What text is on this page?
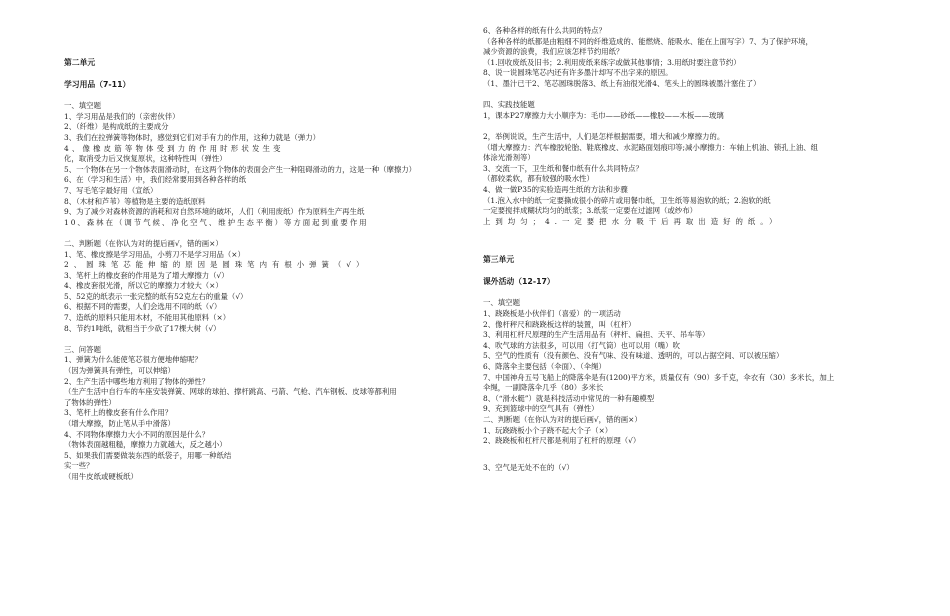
第二单元
学习用品（7-11）
一、填空题
1、学习用品是我们的（亲密伙伴）
2、（纤维）是构成纸的主要成分
3、我们在拉弹簧等物体时，感觉到它们对手有力的作用，这种力就是（弹力）
4、像橡皮筋等物体受到力的作用时形状发生变
化，取消受力后又恢复原状，这种特性叫（弹性）
5、一个物体在另一个物体表面滑动时，在这两个物体的表面会产生一种阻碍滑动的力，这是一种（摩擦力）
6、在（学习和生活）中，我们经常要用到各种各样的纸
7、写毛笔字最好用（宣纸）
8、（木材和芦苇）等植物是主要的造纸原料
9、为了减少对森林资源的消耗和对自然环境的破坏，人们（利用废纸）作为原料生产再生纸
10、森林在（调节气候、净化空气、维护生态平衡）等方面起到重要作用
二、判断题（在你认为对的提后画√，错的画×）
1、笔、橡皮擦是学习用品，小剪刀不是学习用品（×）
2、圆珠笔芯能伸缩的原因是圆珠笔内有根小弹簧（√）
3、笔杆上的橡皮套的作用是为了增大摩擦力（√）
4、橡皮套很光滑，所以它的摩擦力才较大（×）
5、52克的纸表示一张完整的纸有52克左右的重量（√）
6、根据不同的需要，人们会选用不同的纸（√）
7、造纸的原料只能用木材，不能用其他原料（×）
8、节约1吨纸，就相当于少砍了17棵大树（√）
三、问答题
1、弹簧为什么能使笔芯很方便地伸缩呢？
（因为弹簧具有弹性，可以伸缩）
2、生产生活中哪些地方利用了物体的弹性？
（生产生活中自行车的车座安装弹簧、网球的球拍、撑杆跳高、弓箭、气枪、汽车钢板、皮球等都利用
了物体的弹性）
3、笔杆上的橡皮套有什么作用？
（增大摩擦，防止笔从手中滑落）
4、不同物体摩擦力大小不同的原因是什么？
（物体表面越粗糙，摩擦力力就越大，反之越小）
5、如果我们需要做装东西的纸袋子，用哪一种纸结
实一些？
（用牛皮纸或硬板纸）
6、各种各样的纸有什么共同的特点？
（各种各样的纸都是由粗细不同的纤维造成的、能燃烧、能吸水、能在上面写字）7、为了保护环境，
减少资源的浪费，我们应该怎样节约用纸？
（1.回收废纸及旧书；2.利用废纸来练字或做其他事情；3.用纸时要注意节约）
8、说一说圆珠笔芯内还有许多墨汁却写不出字来的原因。
（1、墨汁已干2、笔芯圆珠脱落3、纸上有油很光滑4、笔头上的圆珠被墨汁塞住了）
四、实践技能题
1，课本P27摩擦力大小顺序为：毛巾——砂纸——橡胶——木板——玻璃
2，举例说说，生产生活中，人们是怎样根据需要，增大和减少摩擦力的。
（增大摩擦力：汽车橡胶轮胎、鞋底橡皮、水泥路面划痕印等;减小摩擦力：车轴上机油、锁孔上油、组
体涂光滑剂等）
3、交流一下，卫生纸和餐巾纸有什么共同特点？
（都较柔软，都有较强的吸水性）
4、做一做P35的实验造再生纸的方法和步骤
（1.泡入水中的纸一定要撕成很小的碎片或用餐巾纸，卫生纸等易泡软的纸；2.泡软的纸
一定要搅拌成糊状均匀的纸浆；3.纸浆一定要在过滤网（或纱布）
上到均匀；4.一定要把水分吸干后再取出造好的纸。）
第三单元
课外活动（12-17）
一、填空题
1、跷跷板是小伙伴们（喜爱）的一项活动
2、像杆秤尺和跷跷板这样的装置，叫（杠杆）
3、利用杠杆尺原理的生产生活用品有（秤杆、扁担、天平、吊车等）
4、吹气球的方法很多，可以用（打气筒）也可以用（嘴）吹
5、空气的性质有（没有颜色、没有气味、没有味道、透明的，可以占据空间、可以被压缩）
6、降落伞主要包括（伞面）、（伞绳）
7、中国神舟五号飞船上的降落伞是有(1200)平方米，质量仅有（90）多千克，伞衣有（30）多米长，加上
伞绳，一副降落伞几乎（80）多米长
8、（“滑水艇”）就是科技活动中常见的一种有趣模型
9、充到篮球中的空气具有（弹性）
二、判断题（在你认为对的提后画√，错的画×）
1、玩跷跷板小个子跷不起大个子（×）
2、跷跷板和杠杆尺都是利用了杠杆的原理（√）
3、空气是无处不在的（√）
